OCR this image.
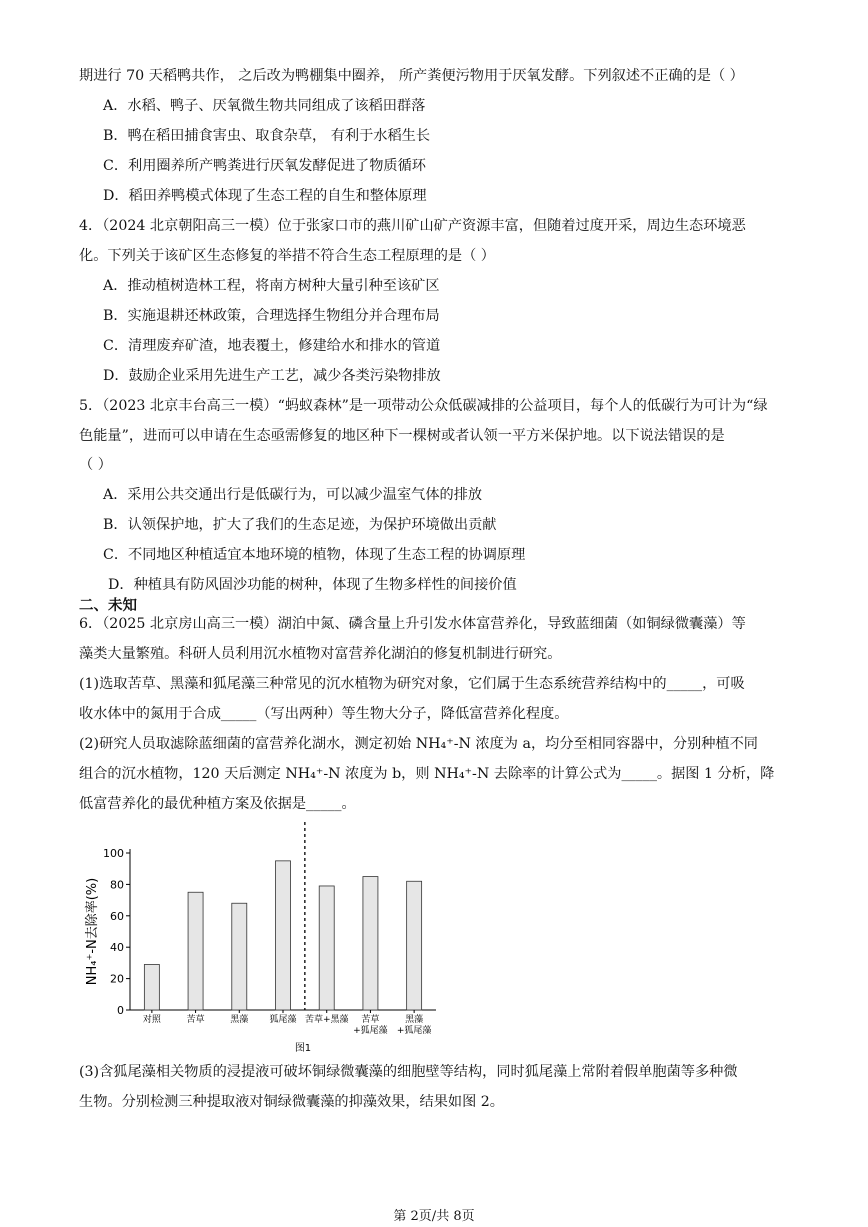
期进行 70 天稻鸭共作， 之后改为鸭棚集中圈养， 所产粪便污物用于厌氧发酵。下列叙述不正确的是（ ）
A．水稻、鸭子、厌氧微生物共同组成了该稻田群落
B．鸭在稻田捕食害虫、取食杂草， 有利于水稻生长
C．利用圈养所产鸭粪进行厌氧发酵促进了物质循环
D．稻田养鸭模式体现了生态工程的自生和整体原理
4．（2024 北京朝阳高三一模）位于张家口市的燕川矿山矿产资源丰富，但随着过度开采，周边生态环境恶
化。下列关于该矿区生态修复的举措不符合生态工程原理的是（ ）
A．推动植树造林工程，将南方树种大量引种至该矿区
B．实施退耕还林政策，合理选择生物组分并合理布局
C．清理废弃矿渣，地表覆土，修建给水和排水的管道
D．鼓励企业采用先进生产工艺，减少各类污染物排放
5．（2023 北京丰台高三一模）“蚂蚁森林”是一项带动公众低碳减排的公益项目，每个人的低碳行为可计为“绿
色能量”，进而可以申请在生态亟需修复的地区种下一棵树或者认领一平方米保护地。以下说法错误的是
（ ）
A．采用公共交通出行是低碳行为，可以减少温室气体的排放
B．认领保护地，扩大了我们的生态足迹，为保护环境做出贡献
C．不同地区种植适宜本地环境的植物，体现了生态工程的协调原理
D．种植具有防风固沙功能的树种，体现了生物多样性的间接价值
二、未知
6．（2025 北京房山高三一模）湖泊中氮、磷含量上升引发水体富营养化，导致蓝细菌（如铜绿微囊藻）等
藻类大量繁殖。科研人员利用沉水植物对富营养化湖泊的修复机制进行研究。
(1)选取苦草、黑藻和狐尾藻三种常见的沉水植物为研究对象，它们属于生态系统营养结构中的_____，可吸
收水体中的氮用于合成_____（写出两种）等生物大分子，降低富营养化程度。
(2)研究人员取滤除蓝细菌的富营养化湖水，测定初始 NH₄⁺-N 浓度为 a，均分至相同容器中，分别种植不同
组合的沉水植物，120 天后测定 NH₄⁺-N 浓度为 b，则 NH₄⁺-N 去除率的计算公式为_____。据图 1 分析，降
低富营养化的最优种植方案及依据是_____。
0
20
40
60
80
100
NH₄⁺-N去除率(%)
对照	苦草	黑藻 狐尾藻 苦草+黑藻 苦草
+狐尾藻
黑藻
+狐尾藻
图1
(3)含狐尾藻相关物质的浸提液可破坏铜绿微囊藻的细胞壁等结构，同时狐尾藻上常附着假单胞菌等多种微
生物。分别检测三种提取液对铜绿微囊藻的抑藻效果，结果如图 2。
第 2页/共 8页
